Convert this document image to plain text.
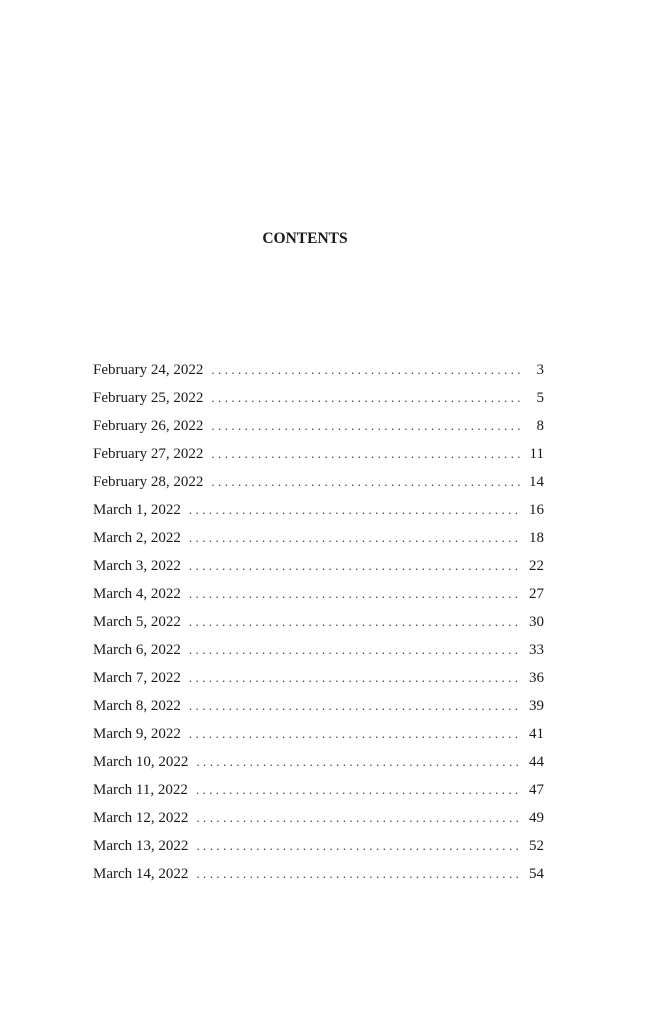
CONTENTS
February 24, 2022 .....	3
February 25, 2022 .....	5
February 26, 2022 .....	8
February 27, 2022 .....	11
February 28, 2022 .....	14
March 1, 2022 .....	16
March 2, 2022 .....	18
March 3, 2022 .....	22
March 4, 2022 .....	27
March 5, 2022 .....	30
March 6, 2022 .....	33
March 7, 2022 .....	36
March 8, 2022 .....	39
March 9, 2022 .....	41
March 10, 2022 .....	44
March 11, 2022 .....	47
March 12, 2022 .....	49
March 13, 2022 .....	52
March 14, 2022 .....	54
